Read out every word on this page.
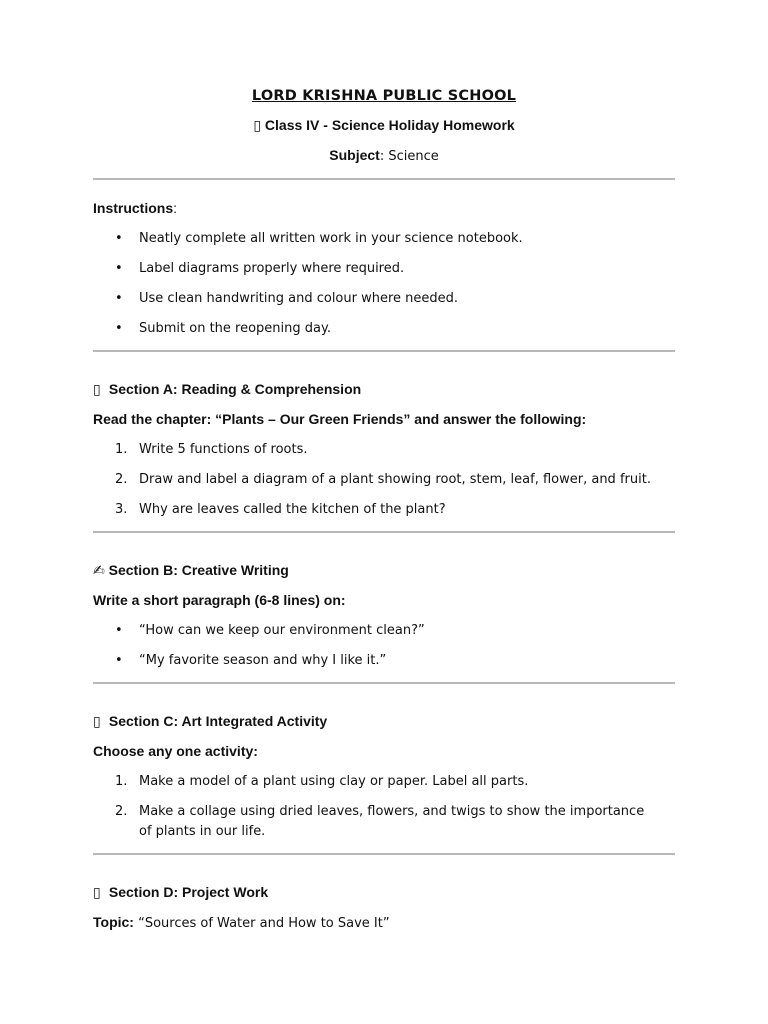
LORD KRISHNA PUBLIC SCHOOL

▯ Class IV - Science Holiday Homework

Subject: Science

Instructions:

•	Neatly complete all written work in your science notebook.
•	Label diagrams properly where required.
•	Use clean handwriting and colour where needed.
•	Submit on the reopening day.

▯ Section A: Reading & Comprehension

Read the chapter: “Plants – Our Green Friends” and answer the following:

1. Write 5 functions of roots.
2. Draw and label a diagram of a plant showing root, stem, leaf, flower, and fruit.
3. Why are leaves called the kitchen of the plant?

✍ Section B: Creative Writing

Write a short paragraph (6-8 lines) on:

•	“How can we keep our environment clean?”
•	“My favorite season and why I like it.”

▯ Section C: Art Integrated Activity

Choose any one activity:

1. Make a model of a plant using clay or paper. Label all parts.
2. Make a collage using dried leaves, flowers, and twigs to show the importance of plants in our life.

▯ Section D: Project Work

Topic: “Sources of Water and How to Save It”
